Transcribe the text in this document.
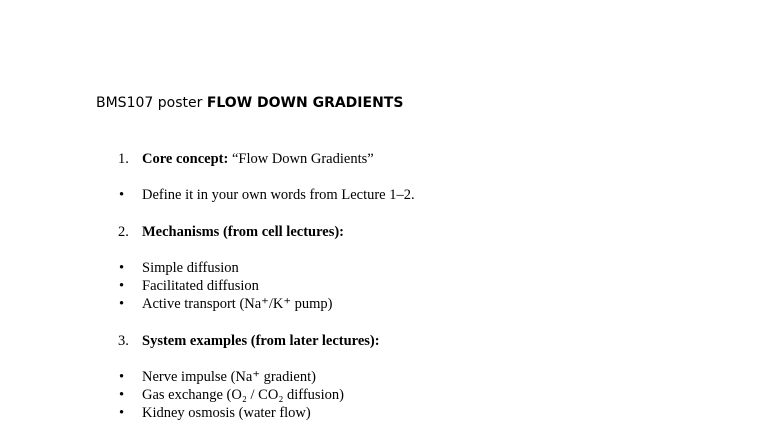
BMS107 poster FLOW DOWN GRADIENTS
1. Core concept: “Flow Down Gradients”
•	Define it in your own words from Lecture 1–2.
2. Mechanisms (from cell lectures):
•	Simple diffusion
•	Facilitated diffusion
•	Active transport (Na⁺/K⁺ pump)
3. System examples (from later lectures):
•	Nerve impulse (Na⁺ gradient)
•	Gas exchange (O₂ / CO₂ diffusion)
•	Kidney osmosis (water flow)
